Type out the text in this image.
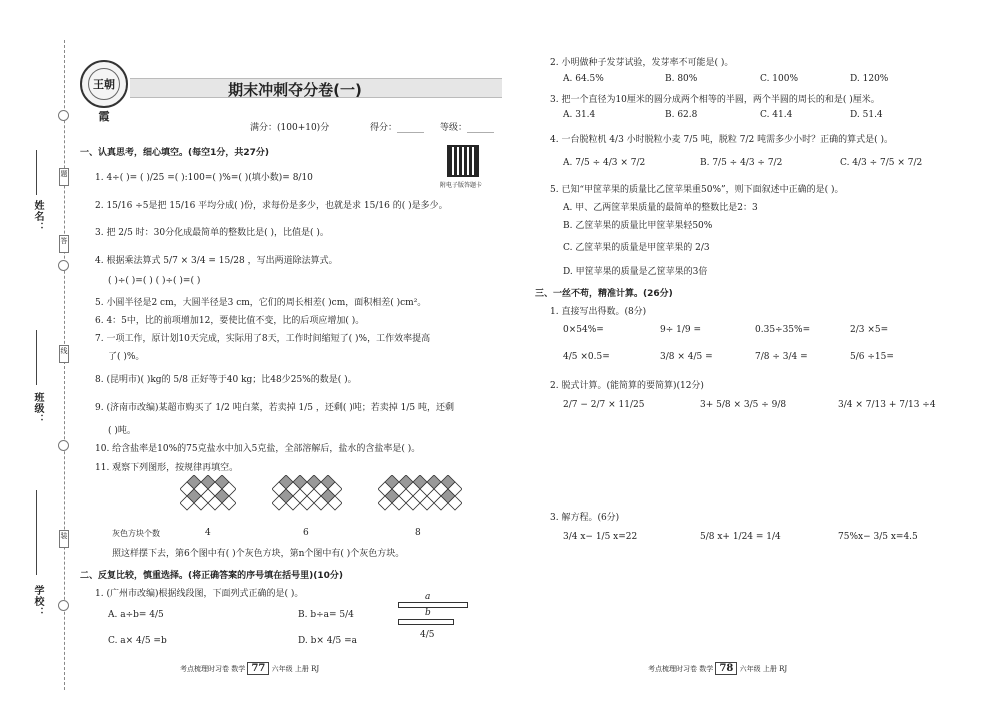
题
答
线
装
姓名：
班级：
学校：
王朝霞
期末冲刺夺分卷(一)
满分：(100+10)分	得分：______ 等级：______
附电子版答题卡
一、认真思考，细心填空。(每空1分，共27分)
1. 4÷( )= ( )/25 =( ):100=( )%=( )(填小数)= 8/10
2. 15/16 ÷5是把 15/16 平均分成( )份，求每份是多少，也就是求 15/16 的( )是多少。
3. 把 2/5 时：30分化成最简单的整数比是( )，比值是( )。
4. 根据乘法算式 5/7 × 3/4 = 15/28 ，写出两道除法算式。
( )÷( )=( ) ( )÷( )=( )
5. 小圆半径是2 cm，大圆半径是3 cm，它们的周长相差( )cm，面积相差( )cm²。
6. 4：5中，比的前项增加12，要使比值不变，比的后项应增加( )。
7. 一项工作，原计划10天完成，实际用了8天，工作时间缩短了( )%，工作效率提高
了( )%。
8. (昆明市)( )kg的 5/8 正好等于40 kg；比48少25%的数是( )。
9. (济南市改编)某超市购买了 1/2 吨白菜，若卖掉 1/5 ，还剩( )吨；若卖掉 1/5 吨，还剩
( )吨。
10. 给含盐率是10%的75克盐水中加入5克盐，全部溶解后，盐水的含盐率是( )。
11. 观察下列图形，按规律再填空。
灰色方块个数	4	6	8
照这样摆下去，第6个图中有( )个灰色方块，第n个图中有( )个灰色方块。
二、反复比较，慎重选择。(将正确答案的序号填在括号里)(10分)
1. (广州市改编)根据线段图，下面列式正确的是( )。
A. a÷b= 4/5	B. b÷a= 5/4
C. a× 4/5 =b	D. b× 4/5 =a
a
b
4/5
考点梳理时习卷 数学 77 六年级 上册 RJ
2. 小明做种子发芽试验，发芽率不可能是( )。
A. 64.5%	B. 80%	C. 100%	D. 120%
3. 把一个直径为10厘米的圆分成两个相等的半圆，两个半圆的周长的和是( )厘米。
A. 31.4	B. 62.8	C. 41.4	D. 51.4
4. 一台脱粒机 4/3 小时脱粒小麦 7/5 吨，脱粒 7/2 吨需多少小时？正确的算式是( )。
A. 7/5 ÷ 4/3 × 7/2	B. 7/5 ÷ 4/3 ÷ 7/2	C. 4/3 ÷ 7/5 × 7/2
5. 已知“甲筐苹果的质量比乙筐苹果重50%”，则下面叙述中正确的是( )。
A. 甲、乙两筐苹果质量的最简单的整数比是2：3
B. 乙筐苹果的质量比甲筐苹果轻50%
C. 乙筐苹果的质量是甲筐苹果的 2/3
D. 甲筐苹果的质量是乙筐苹果的3倍
三、一丝不苟，精准计算。(26分)
1. 直接写出得数。(8分)
0×54%=	9÷ 1/9 =	0.35÷35%=	2/3 ×5=
4/5 ×0.5=	3/8 × 4/5 =	7/8 ÷ 3/4 =	5/6 ÷15=
2. 脱式计算。(能简算的要简算)(12分)
2/7 − 2/7 × 11/25	3+ 5/8 × 3/5 ÷ 9/8	3/4 × 7/13 + 7/13 ÷4
3. 解方程。(6分)
3/4 x− 1/5 x=22	5/8 x+ 1/24 = 1/4	75%x− 3/5 x=4.5
考点梳理时习卷 数学 78 六年级 上册 RJ
